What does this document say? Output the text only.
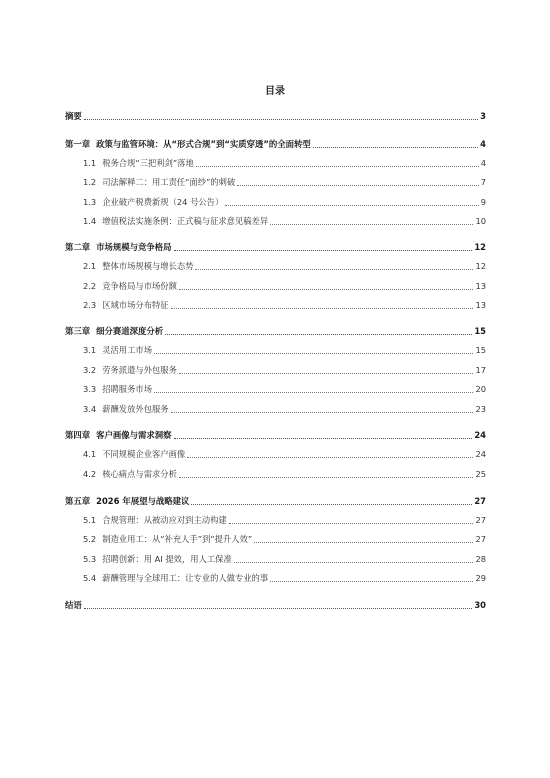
目录
摘要	3
第一章 政策与监管环境：从“形式合规”到“实质穿透”的全面转型	4
1.1 税务合规“三把利剑”落地	4
1.2 司法解释二：用工责任“面纱”的刺破	7
1.3 企业破产税费新规（24 号公告）	9
1.4 增值税法实施条例：正式稿与征求意见稿差异	10
第二章 市场规模与竞争格局	12
2.1 整体市场规模与增长态势	12
2.2 竞争格局与市场份额	13
2.3 区域市场分布特征	13
第三章 细分赛道深度分析	15
3.1 灵活用工市场	15
3.2 劳务派遣与外包服务	17
3.3 招聘服务市场	20
3.4 薪酬发放外包服务	23
第四章 客户画像与需求洞察	24
4.1 不同规模企业客户画像	24
4.2 核心痛点与需求分析	25
第五章 2026 年展望与战略建议	27
5.1 合规管理：从被动应对到主动构建	27
5.2 制造业用工：从“补充人手”到“提升人效”	27
5.3 招聘创新：用 AI 提效，用人工保准	28
5.4 薪酬管理与全球用工：让专业的人做专业的事	29
结语	30
